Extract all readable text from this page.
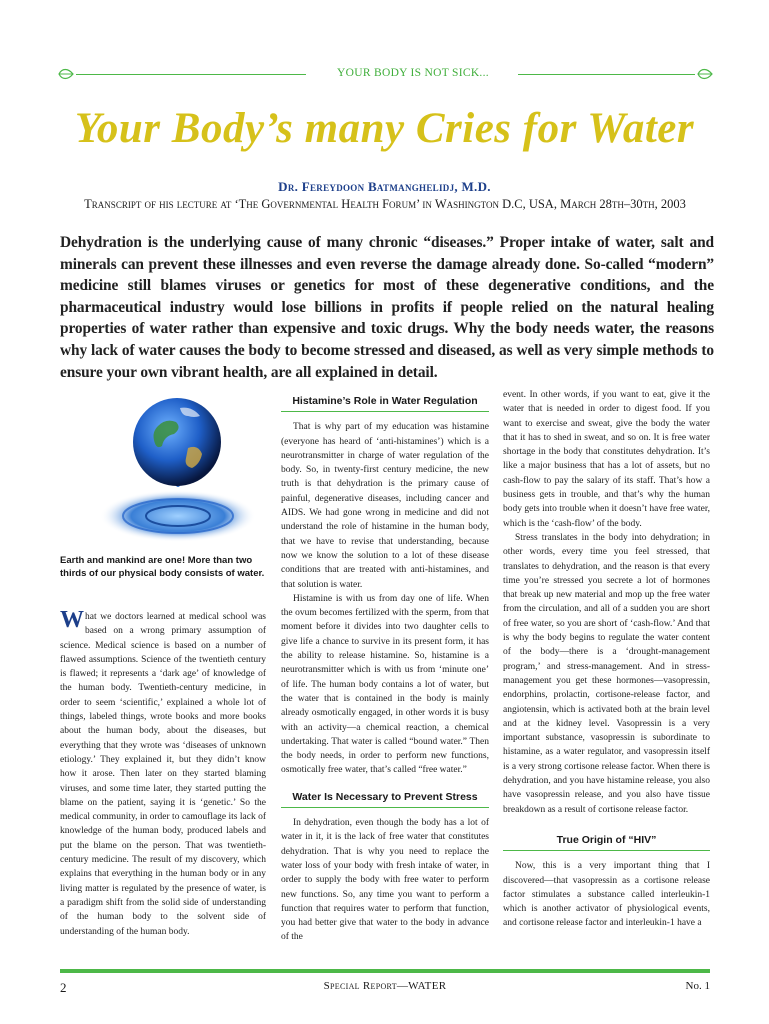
YOUR BODY IS NOT SICK...
Your Body’s many Cries for Water
Dr. Fereydoon Batmanghelidj, M.D.
Transcript of his lecture at ‘The Governmental Health Forum’ in Washington D.C, USA, March 28th–30th, 2003

Dehydration is the underlying cause of many chronic “diseases.” Proper intake of water, salt and minerals can prevent these illnesses and even reverse the damage already done. So-called “modern” medicine still blames viruses or genetics for most of these degenerative conditions, and the pharmaceutical industry would lose billions in profits if people relied on the natural healing properties of water rather than expensive and toxic drugs. Why the body needs water, the reasons why lack of water causes the body to become stressed and diseased, as well as very simple methods to ensure your own vibrant health, are all explained in detail.

Earth and mankind are one! More than two thirds of our physical body consists of water.

What we doctors learned at medical school was based on a wrong primary assumption of science. Medical science is based on a number of flawed assumptions. Science of the twentieth century is flawed; it represents a ‘dark age’ of knowledge of the human body. Twentieth-century medicine, in order to seem ‘scientific,’ explained a whole lot of things, labeled things, wrote books and more books about the human body, about the diseases, but everything that they wrote was ‘diseases of unknown etiology.’ They explained it, but they didn’t know how it arose. Then later on they started blaming viruses, and some time later, they started putting the blame on the patient, saying it is ‘genetic.’ So the medical community, in order to camouflage its lack of knowledge of the human body, produced labels and put the blame on the person. That was twentieth-century medicine. The result of my discovery, which explains that everything in the human body or in any living matter is regulated by the presence of water, is a paradigm shift from the solid side of understanding of the human body to the solvent side of understanding of the human body.

Histamine’s Role in Water Regulation

That is why part of my education was histamine (everyone has heard of ‘anti-histamines’) which is a neurotransmitter in charge of water regulation of the body. So, in twenty-first century medicine, the new truth is that dehydration is the primary cause of painful, degenerative diseases, including cancer and AIDS. We had gone wrong in medicine and did not understand the role of histamine in the human body, that we have to revise that understanding, because now we know the solution to a lot of these disease conditions that are treated with anti-histamines, and that solution is water.

Histamine is with us from day one of life. When the ovum becomes fertilized with the sperm, from that moment before it divides into two daughter cells to give life a chance to survive in its present form, it has the ability to release histamine. So, histamine is a neurotransmitter which is with us from ‘minute one’ of life. The human body contains a lot of water, but the water that is contained in the body is mainly already osmotically engaged, in other words it is busy with an activity—a chemical reaction, a chemical undertaking. That water is called “bound water.” Then the body needs, in order to perform new functions, osmotically free water, that’s called “free water.”

Water Is Necessary to Prevent Stress

In dehydration, even though the body has a lot of water in it, it is the lack of free water that constitutes dehydration. That is why you need to replace the water loss of your body with fresh intake of water, in order to supply the body with free water to perform new functions. So, any time you want to perform a function that requires water to perform that function, you had better give that water to the body in advance of the

event. In other words, if you want to eat, give it the water that is needed in order to digest food. If you want to exercise and sweat, give the body the water that it has to shed in sweat, and so on. It is free water shortage in the body that constitutes dehydration. It’s like a major business that has a lot of assets, but no cash-flow to pay the salary of its staff. That’s how a business gets in trouble, and that’s why the human body gets into trouble when it doesn’t have free water, which is the ‘cash-flow’ of the body.

Stress translates in the body into dehydration; in other words, every time you feel stressed, that translates to dehydration, and the reason is that every time you’re stressed you secrete a lot of hormones that break up new material and mop up the free water from the circulation, and all of a sudden you are short of free water, so you are short of ‘cash-flow.’ And that is why the body begins to regulate the water content of the body—there is a ‘drought-management program,’ and stress-management. And in stress-management you get these hormones—vasopressin, endorphins, prolactin, cortisone-release factor, and angiotensin, which is activated both at the brain level and at the kidney level. Vasopressin is a very important substance, vasopressin is subordinate to histamine, as a water regulator, and vasopressin itself is a very strong cortisone release factor. When there is dehydration, and you have histamine release, you also have vasopressin release, and you also have tissue breakdown as a result of cortisone release factor.

True Origin of “HIV”

Now, this is a very important thing that I discovered—that vasopressin as a cortisone release factor stimulates a substance called interleukin-1 which is another activator of physiological events, and cortisone release factor and interleukin-1 have a

2	Special Report—WATER	No. 1
